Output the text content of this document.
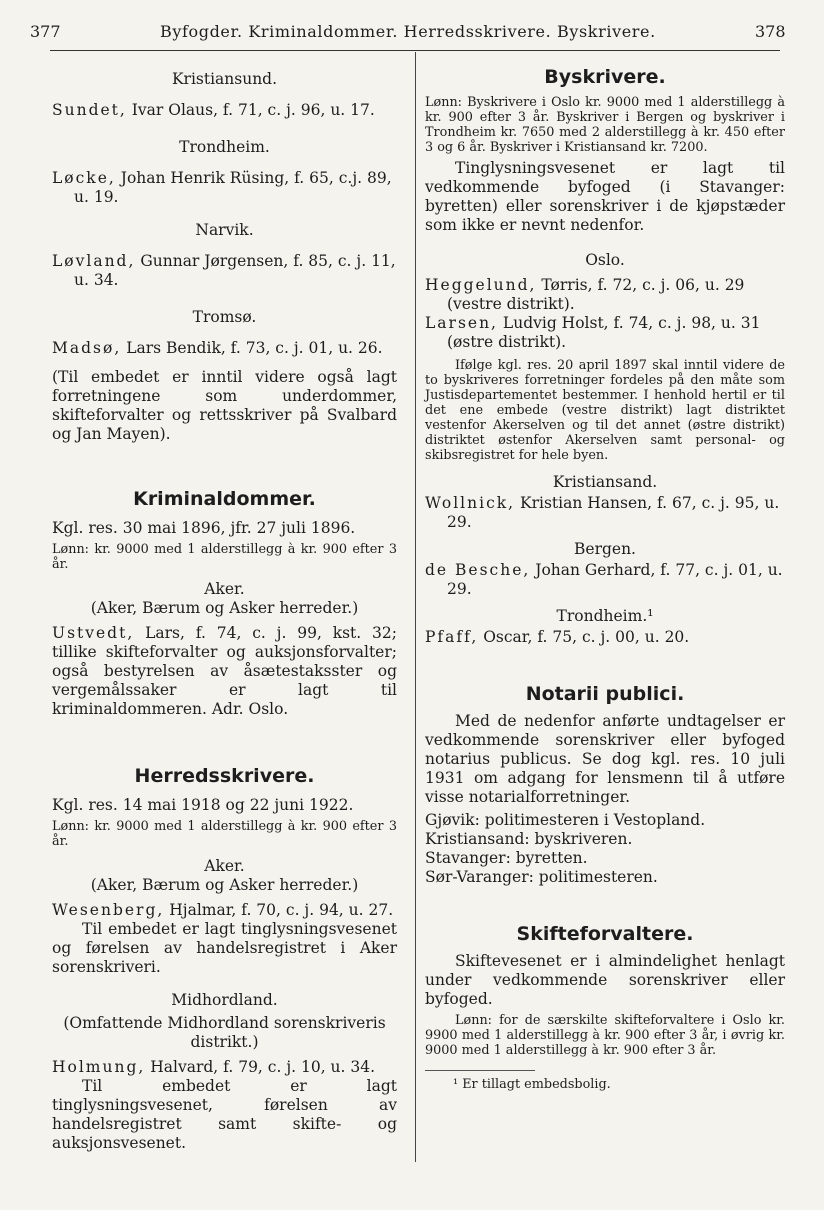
377	Byfogder. Kriminaldommer. Herredsskrivere. Byskrivere.	378

Kristiansund.

Sundet, Ivar Olaus, f. 71, c. j. 96, u. 17.

Trondheim.

Løcke, Johan Henrik Rüsing, f. 65, c.j. 89, u. 19.

Narvik.

Løvland, Gunnar Jørgensen, f. 85, c. j. 11, u. 34.

Tromsø.

Madsø, Lars Bendik, f. 73, c. j. 01, u. 26.

(Til embedet er inntil videre også lagt forretningene som underdommer, skifteforvalter og rettsskriver på Svalbard og Jan Mayen).

Kriminaldommer.

Kgl. res. 30 mai 1896, jfr. 27 juli 1896.

Lønn: kr. 9000 med 1 alderstillegg à kr. 900 efter 3 år.

Aker.

(Aker, Bærum og Asker herreder.)

Ustvedt, Lars, f. 74, c. j. 99, kst. 32; tillike skifteforvalter og auksjonsforvalter; også bestyrelsen av åsætestaksster og vergemålssaker er lagt til kriminaldommeren. Adr. Oslo.

Herredsskrivere.

Kgl. res. 14 mai 1918 og 22 juni 1922.

Lønn: kr. 9000 med 1 alderstillegg à kr. 900 efter 3 år.

Aker.

(Aker, Bærum og Asker herreder.)

Wesenberg, Hjalmar, f. 70, c. j. 94, u. 27.

Til embedet er lagt tinglysningsvesenet og førelsen av handelsregistret i Aker sorenskriveri.

Midhordland.

(Omfattende Midhordland sorenskriveris distrikt.)

Holmung, Halvard, f. 79, c. j. 10, u. 34.

Til embedet er lagt tinglysningsvesenet, førelsen av handelsregistret samt skifte- og auksjonsvesenet.

Byskrivere.

Lønn: Byskrivere i Oslo kr. 9000 med 1 alderstillegg à kr. 900 efter 3 år. Byskriver i Bergen og byskriver i Trondheim kr. 7650 med 2 alderstillegg à kr. 450 efter 3 og 6 år. Byskriver i Kristiansand kr. 7200.

Tinglysningsvesenet er lagt til vedkommende byfoged (i Stavanger: byretten) eller sorenskriver i de kjøpstæder som ikke er nevnt nedenfor.

Oslo.

Heggelund, Tørris, f. 72, c. j. 06, u. 29 (vestre distrikt).

Larsen, Ludvig Holst, f. 74, c. j. 98, u. 31 (østre distrikt).

Ifølge kgl. res. 20 april 1897 skal inntil videre de to byskriveres forretninger fordeles på den måte som Justisdepartementet bestemmer. I henhold hertil er til det ene embede (vestre distrikt) lagt distriktet vestenfor Akerselven og til det annet (østre distrikt) distriktet østenfor Akerselven samt personal- og skibsregistret for hele byen.

Kristiansand.

Wollnick, Kristian Hansen, f. 67, c. j. 95, u. 29.

Bergen.

de Besche, Johan Gerhard, f. 77, c. j. 01, u. 29.

Trondheim.¹

Pfaff, Oscar, f. 75, c. j. 00, u. 20.

Notarii publici.

Med de nedenfor anførte undtagelser er vedkommende sorenskriver eller byfoged notarius publicus. Se dog kgl. res. 10 juli 1931 om adgang for lensmenn til å utføre visse notarialforretninger.

Gjøvik: politimesteren i Vestopland.

Kristiansand: byskriveren.

Stavanger: byretten.

Sør-Varanger: politimesteren.

Skifteforvaltere.

Skiftevesenet er i almindelighet henlagt under vedkommende sorenskriver eller byfoged.

Lønn: for de særskilte skifteforvaltere i Oslo kr. 9900 med 1 alderstillegg à kr. 900 efter 3 år, i øvrig kr. 9000 med 1 alderstillegg à kr. 900 efter 3 år.

¹ Er tillagt embedsbolig.
